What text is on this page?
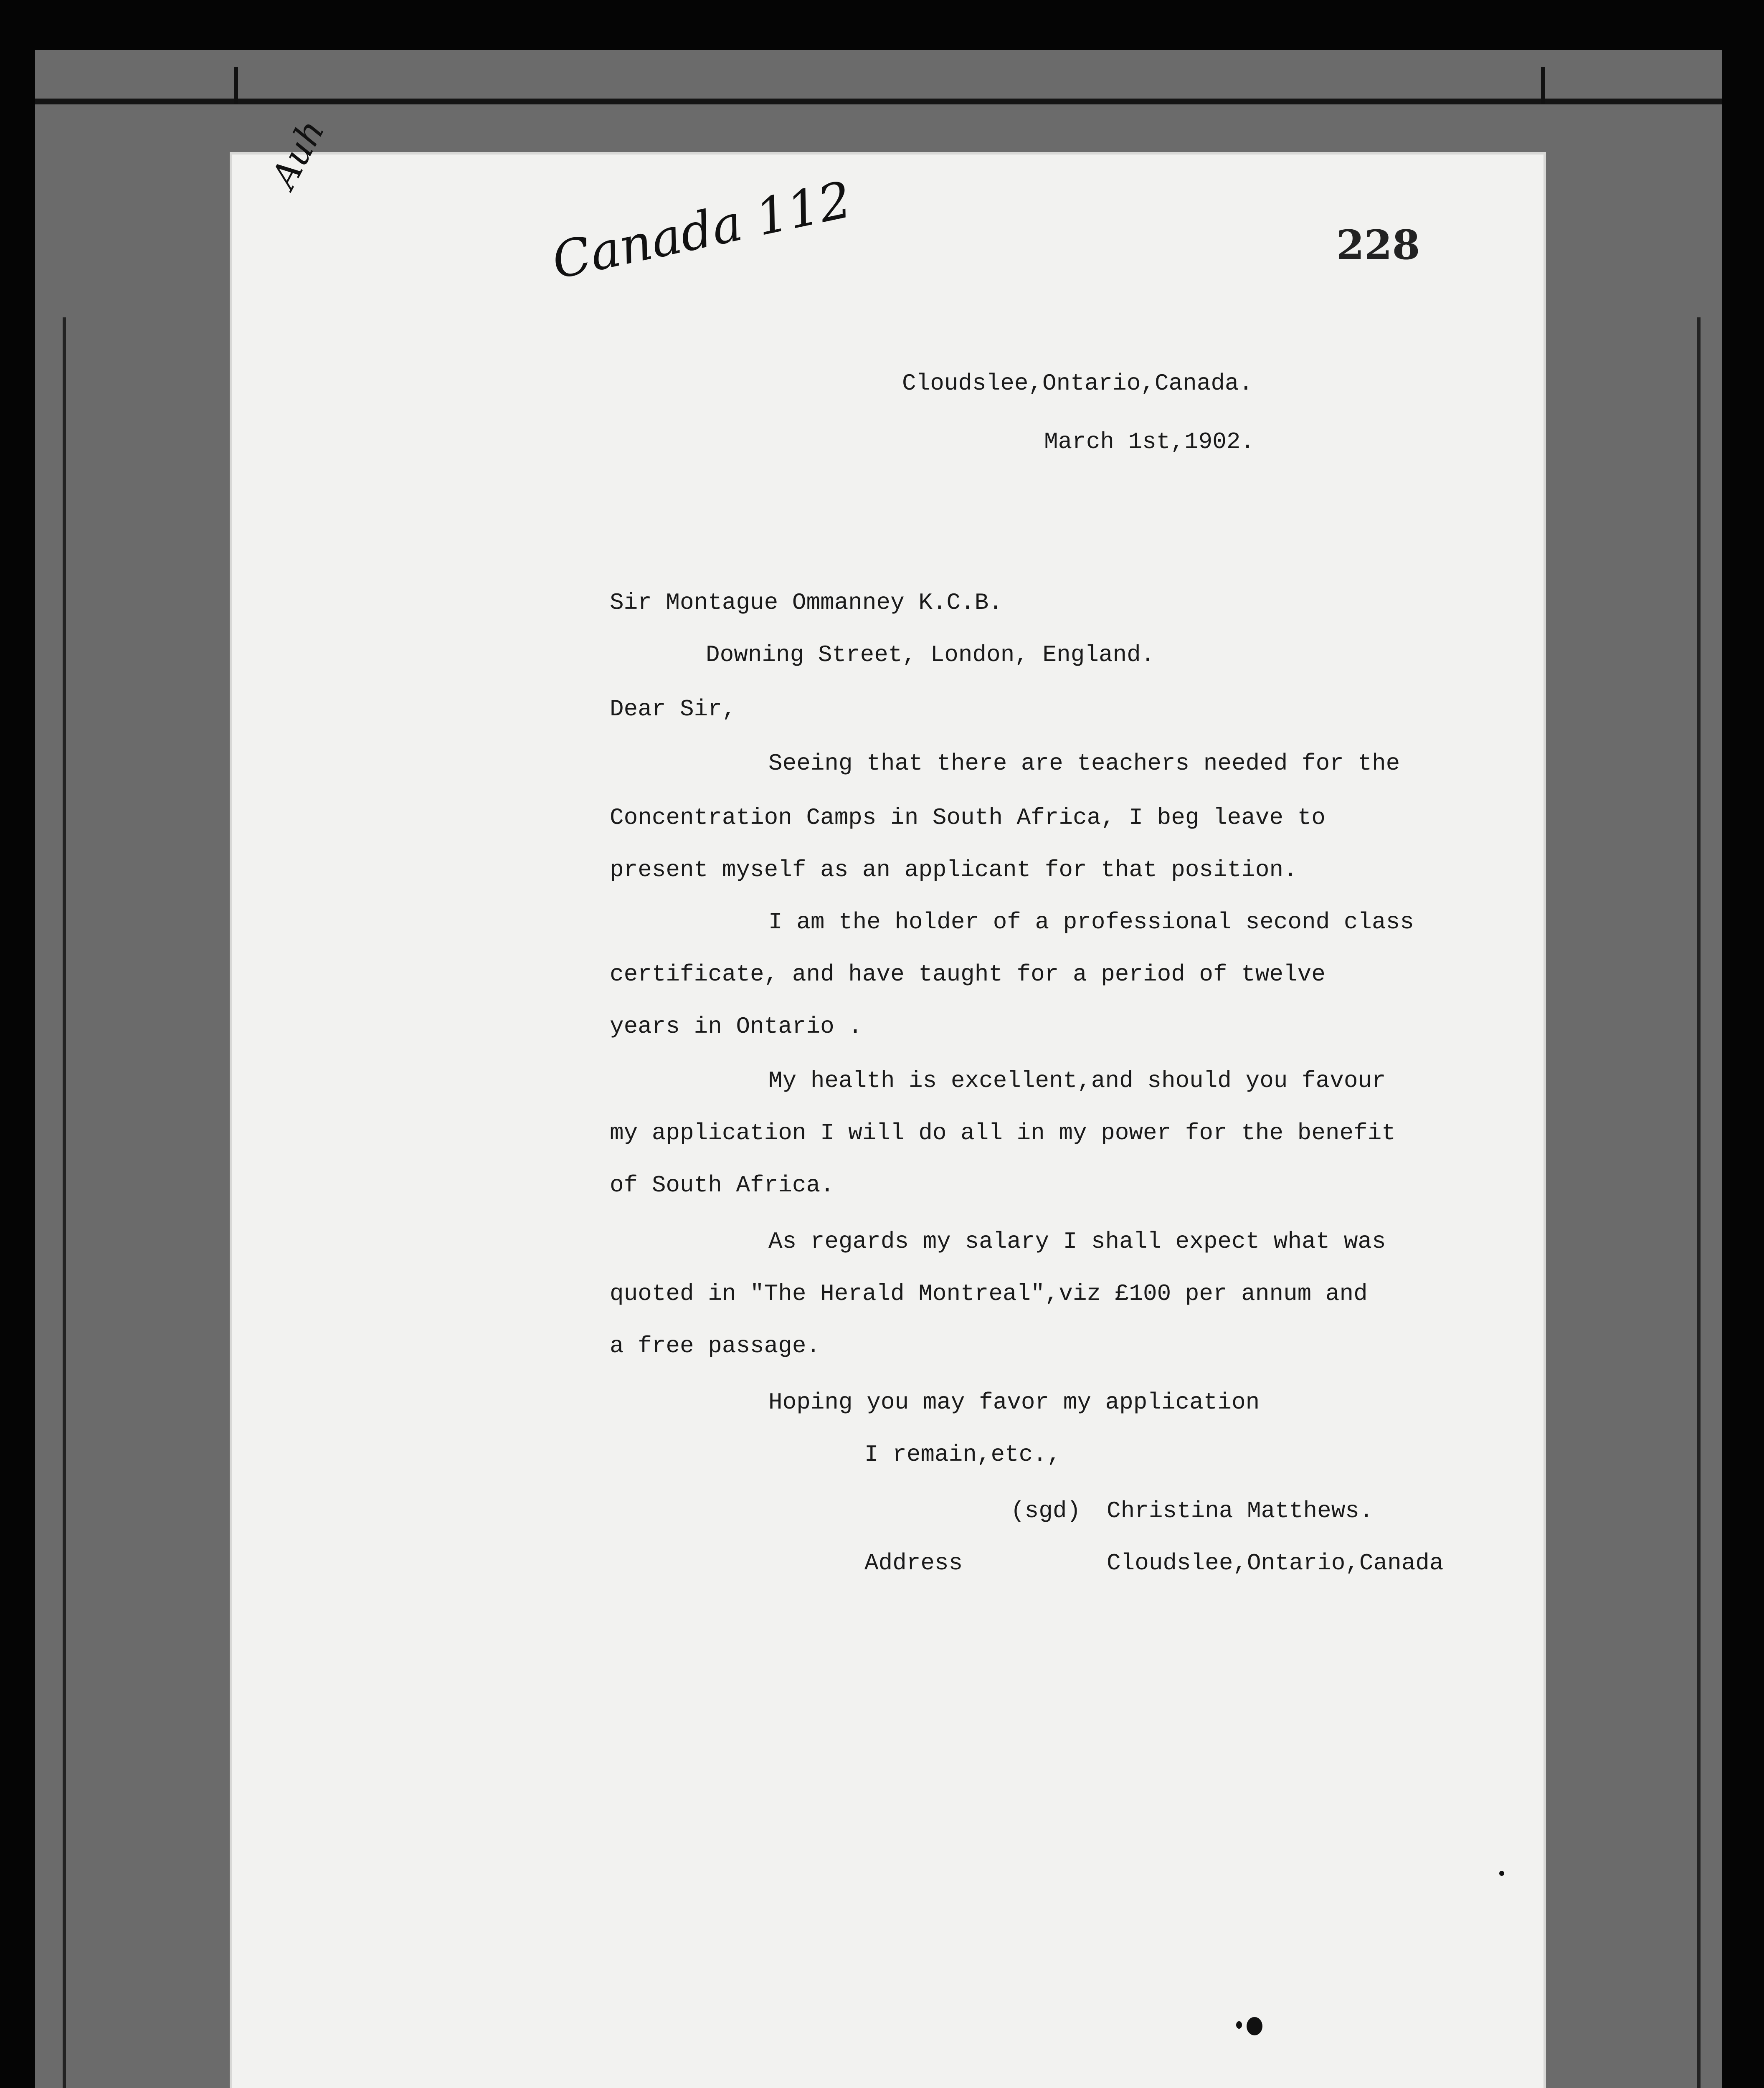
Auh
Canada 112	228
Cloudslee,Ontario,Canada.
March 1st,1902.
Sir Montague Ommanney K.C.B.
Downing Street, London, England.
Dear Sir,
Seeing that there are teachers needed for the
Concentration Camps in South Africa, I beg leave to
present myself as an applicant for that position.
I am the holder of a professional second class
certificate, and have taught for a period of twelve
years in Ontario .
My health is excellent,and should you favour
my application I will do all in my power for the benefit
of South Africa.
As regards my salary I shall expect what was
quoted in "The Herald Montreal",viz £100 per annum and
a free passage.
Hoping you may favor my application
I remain,etc.,
(sgd) Christina Matthews.
Address	Cloudslee,Ontario,Canada
